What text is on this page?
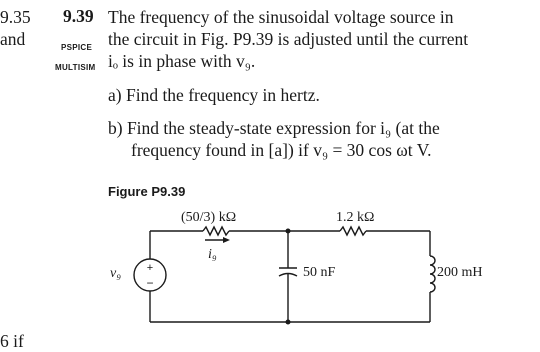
9.35
and
6 if
9.39
PSPICE
MULTISIM
The frequency of the sinusoidal voltage source in
the circuit in Fig. P9.39 is adjusted until the current
iₒ is in phase with v₉.
a) Find the frequency in hertz.
b) Find the steady-state expression for i₉ (at the
frequency found in [a]) if v₉ = 30 cos ωt V.
Figure P9.39
+
−
(50/3) kΩ
i₉
1.2 kΩ
v₉	50 nF	200 mH
